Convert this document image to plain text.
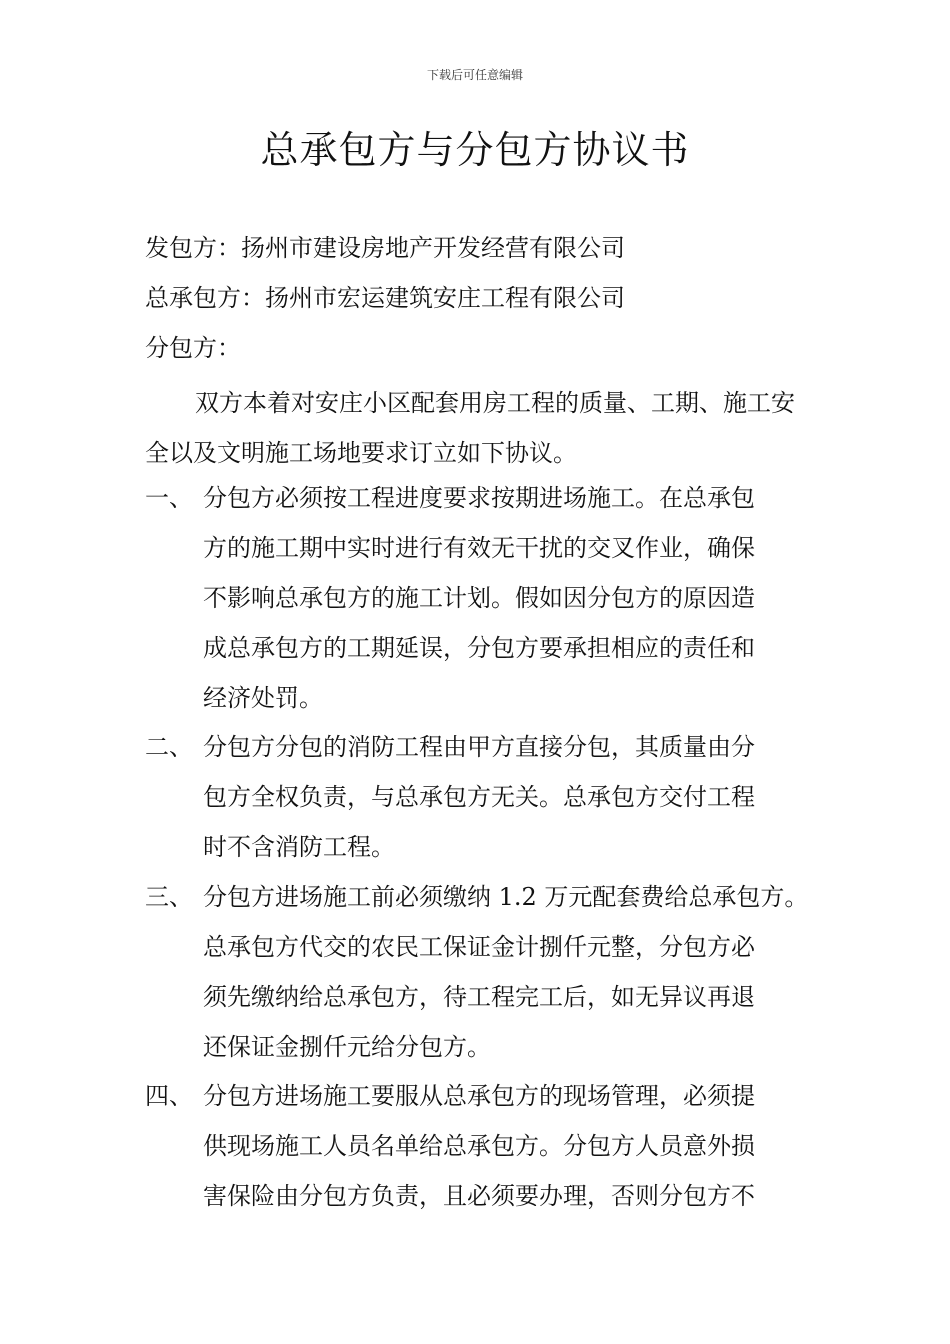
下载后可任意编辑
总承包方与分包方协议书
发包方：扬州市建设房地产开发经营有限公司
总承包方：扬州市宏运建筑安庄工程有限公司
分包方：

双方本着对安庄小区配套用房工程的质量、工期、施工安全以及文明施工场地要求订立如下协议。

一、 分包方必须按工程进度要求按期进场施工。在总承包
方的施工期中实时进行有效无干扰的交叉作业，确保
不影响总承包方的施工计划。假如因分包方的原因造
成总承包方的工期延误，分包方要承担相应的责任和
经济处罚。
二、 分包方分包的消防工程由甲方直接分包，其质量由分
包方全权负责，与总承包方无关。总承包方交付工程
时不含消防工程。
三、 分包方进场施工前必须缴纳 1.2 万元配套费给总承包方。
总承包方代交的农民工保证金计捌仟元整，分包方必
须先缴纳给总承包方，待工程完工后，如无异议再退
还保证金捌仟元给分包方。
四、 分包方进场施工要服从总承包方的现场管理，必须提
供现场施工人员名单给总承包方。分包方人员意外损
害保险由分包方负责，且必须要办理，否则分包方不
